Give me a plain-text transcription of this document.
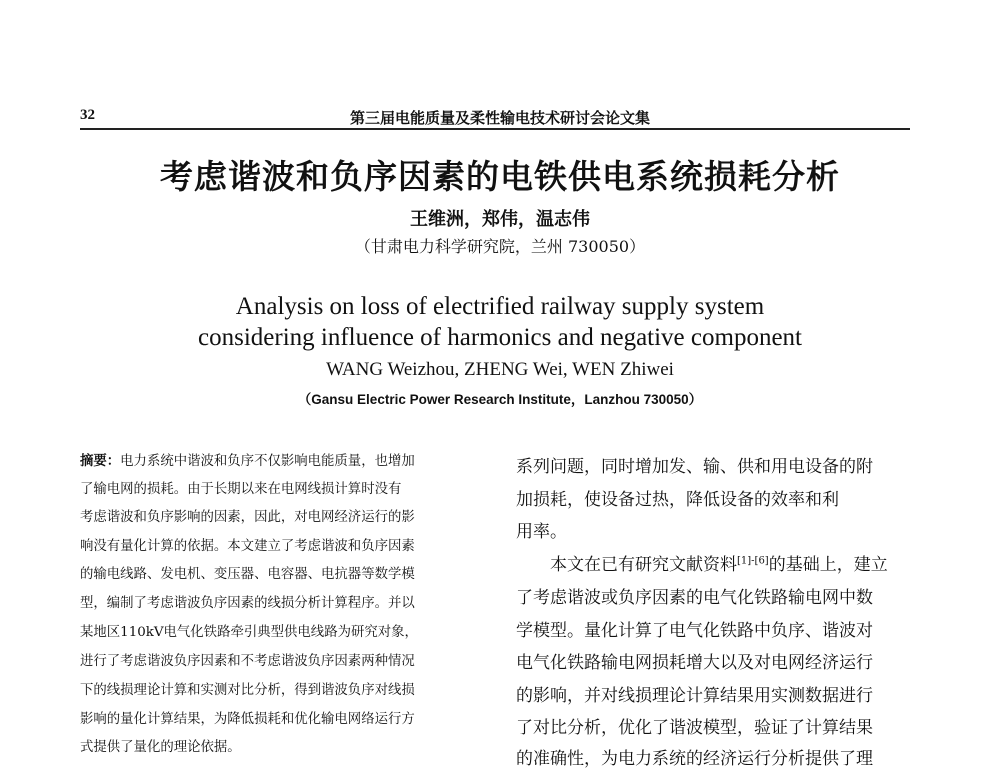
32	第三届电能质量及柔性输电技术研讨会论文集
考虑谐波和负序因素的电铁供电系统损耗分析
王维洲，郑伟，温志伟
（甘肃电力科学研究院，兰州 730050）
Analysis on loss of electrified railway supply system
considering influence of harmonics and negative component
WANG Weizhou, ZHENG Wei, WEN Zhiwei
（Gansu Electric Power Research Institute，Lanzhou 730050）
摘要：电力系统中谐波和负序不仅影响电能质量，也增加
了输电网的损耗。由于长期以来在电网线损计算时没有
考虑谐波和负序影响的因素，因此，对电网经济运行的影
响没有量化计算的依据。本文建立了考虑谐波和负序因素
的输电线路、发电机、变压器、电容器、电抗器等数学模
型，编制了考虑谐波负序因素的线损分析计算程序。并以
某地区110kV电气化铁路牵引典型供电线路为研究对象，
进行了考虑谐波负序因素和不考虑谐波负序因素两种情况
下的线损理论计算和实测对比分析，得到谐波负序对线损
影响的量化计算结果，为降低损耗和优化输电网络运行方
式提供了量化的理论依据。
系列问题，同时增加发、输、供和用电设备的附
加损耗，使设备过热，降低设备的效率和利
用率。
本文在已有研究文献资料[1]-[6]的基础上，建立
了考虑谐波或负序因素的电气化铁路输电网中数
学模型。量化计算了电气化铁路中负序、谐波对
电气化铁路输电网损耗增大以及对电网经济运行
的影响，并对线损理论计算结果用实测数据进行
了对比分析，优化了谐波模型，验证了计算结果
的准确性，为电力系统的经济运行分析提供了理
